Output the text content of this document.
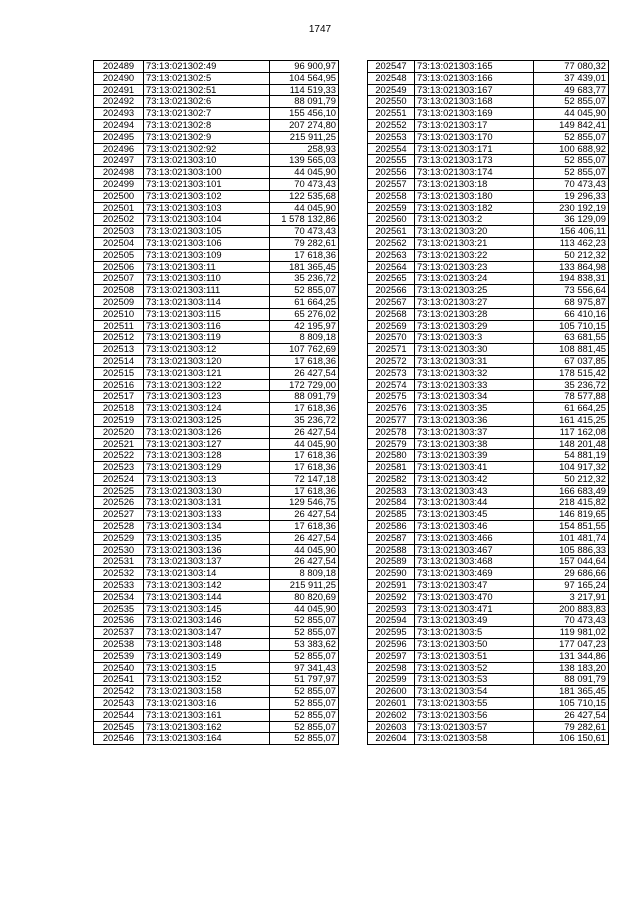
1747
202489	73:13:021302:49	96 900,97
202490	73:13:021302:5	104 564,95
202491	73:13:021302:51	114 519,33
202492	73:13:021302:6	88 091,79
202493	73:13:021302:7	155 456,10
202494	73:13:021302:8	207 274,80
202495	73:13:021302:9	215 911,25
202496	73:13:021302:92	258,93
202497	73:13:021303:10	139 565,03
202498	73:13:021303:100	44 045,90
202499	73:13:021303:101	70 473,43
202500	73:13:021303:102	122 535,68
202501	73:13:021303:103	44 045,90
202502	73:13:021303:104	1 578 132,86
202503	73:13:021303:105	70 473,43
202504	73:13:021303:106	79 282,61
202505	73:13:021303:109	17 618,36
202506	73:13:021303:11	181 365,45
202507	73:13:021303:110	35 236,72
202508	73:13:021303:111	52 855,07
202509	73:13:021303:114	61 664,25
202510	73:13:021303:115	65 276,02
202511	73:13:021303:116	42 195,97
202512	73:13:021303:119	8 809,18
202513	73:13:021303:12	107 762,69
202514	73:13:021303:120	17 618,36
202515	73:13:021303:121	26 427,54
202516	73:13:021303:122	172 729,00
202517	73:13:021303:123	88 091,79
202518	73:13:021303:124	17 618,36
202519	73:13:021303:125	35 236,72
202520	73:13:021303:126	26 427,54
202521	73:13:021303:127	44 045,90
202522	73:13:021303:128	17 618,36
202523	73:13:021303:129	17 618,36
202524	73:13:021303:13	72 147,18
202525	73:13:021303:130	17 618,36
202526	73:13:021303:131	129 546,75
202527	73:13:021303:133	26 427,54
202528	73:13:021303:134	17 618,36
202529	73:13:021303:135	26 427,54
202530	73:13:021303:136	44 045,90
202531	73:13:021303:137	26 427,54
202532	73:13:021303:14	8 809,18
202533	73:13:021303:142	215 911,25
202534	73:13:021303:144	80 820,69
202535	73:13:021303:145	44 045,90
202536	73:13:021303:146	52 855,07
202537	73:13:021303:147	52 855,07
202538	73:13:021303:148	53 383,62
202539	73:13:021303:149	52 855,07
202540	73:13:021303:15	97 341,43
202541	73:13:021303:152	51 797,97
202542	73:13:021303:158	52 855,07
202543	73:13:021303:16	52 855,07
202544	73:13:021303:161	52 855,07
202545	73:13:021303:162	52 855,07
202546	73:13:021303:164	52 855,07
202547	73:13:021303:165	77 080,32
202548	73:13:021303:166	37 439,01
202549	73:13:021303:167	49 683,77
202550	73:13:021303:168	52 855,07
202551	73:13:021303:169	44 045,90
202552	73:13:021303:17	149 842,41
202553	73:13:021303:170	52 855,07
202554	73:13:021303:171	100 688,92
202555	73:13:021303:173	52 855,07
202556	73:13:021303:174	52 855,07
202557	73:13:021303:18	70 473,43
202558	73:13:021303:180	19 296,33
202559	73:13:021303:182	230 192,19
202560	73:13:021303:2	36 129,09
202561	73:13:021303:20	156 406,11
202562	73:13:021303:21	113 462,23
202563	73:13:021303:22	50 212,32
202564	73:13:021303:23	133 864,98
202565	73:13:021303:24	194 838,31
202566	73:13:021303:25	73 556,64
202567	73:13:021303:27	68 975,87
202568	73:13:021303:28	66 410,16
202569	73:13:021303:29	105 710,15
202570	73:13:021303:3	63 681,55
202571	73:13:021303:30	108 881,45
202572	73:13:021303:31	67 037,85
202573	73:13:021303:32	178 515,42
202574	73:13:021303:33	35 236,72
202575	73:13:021303:34	78 577,88
202576	73:13:021303:35	61 664,25
202577	73:13:021303:36	161 415,25
202578	73:13:021303:37	117 162,08
202579	73:13:021303:38	148 201,48
202580	73:13:021303:39	54 881,19
202581	73:13:021303:41	104 917,32
202582	73:13:021303:42	50 212,32
202583	73:13:021303:43	166 683,49
202584	73:13:021303:44	218 415,82
202585	73:13:021303:45	146 819,65
202586	73:13:021303:46	154 851,55
202587	73:13:021303:466	101 481,74
202588	73:13:021303:467	105 886,33
202589	73:13:021303:468	157 044,64
202590	73:13:021303:469	29 686,66
202591	73:13:021303:47	97 165,24
202592	73:13:021303:470	3 217,91
202593	73:13:021303:471	200 883,83
202594	73:13:021303:49	70 473,43
202595	73:13:021303:5	119 981,02
202596	73:13:021303:50	177 047,23
202597	73:13:021303:51	131 344,86
202598	73:13:021303:52	138 183,20
202599	73:13:021303:53	88 091,79
202600	73:13:021303:54	181 365,45
202601	73:13:021303:55	105 710,15
202602	73:13:021303:56	26 427,54
202603	73:13:021303:57	79 282,61
202604	73:13:021303:58	106 150,61
